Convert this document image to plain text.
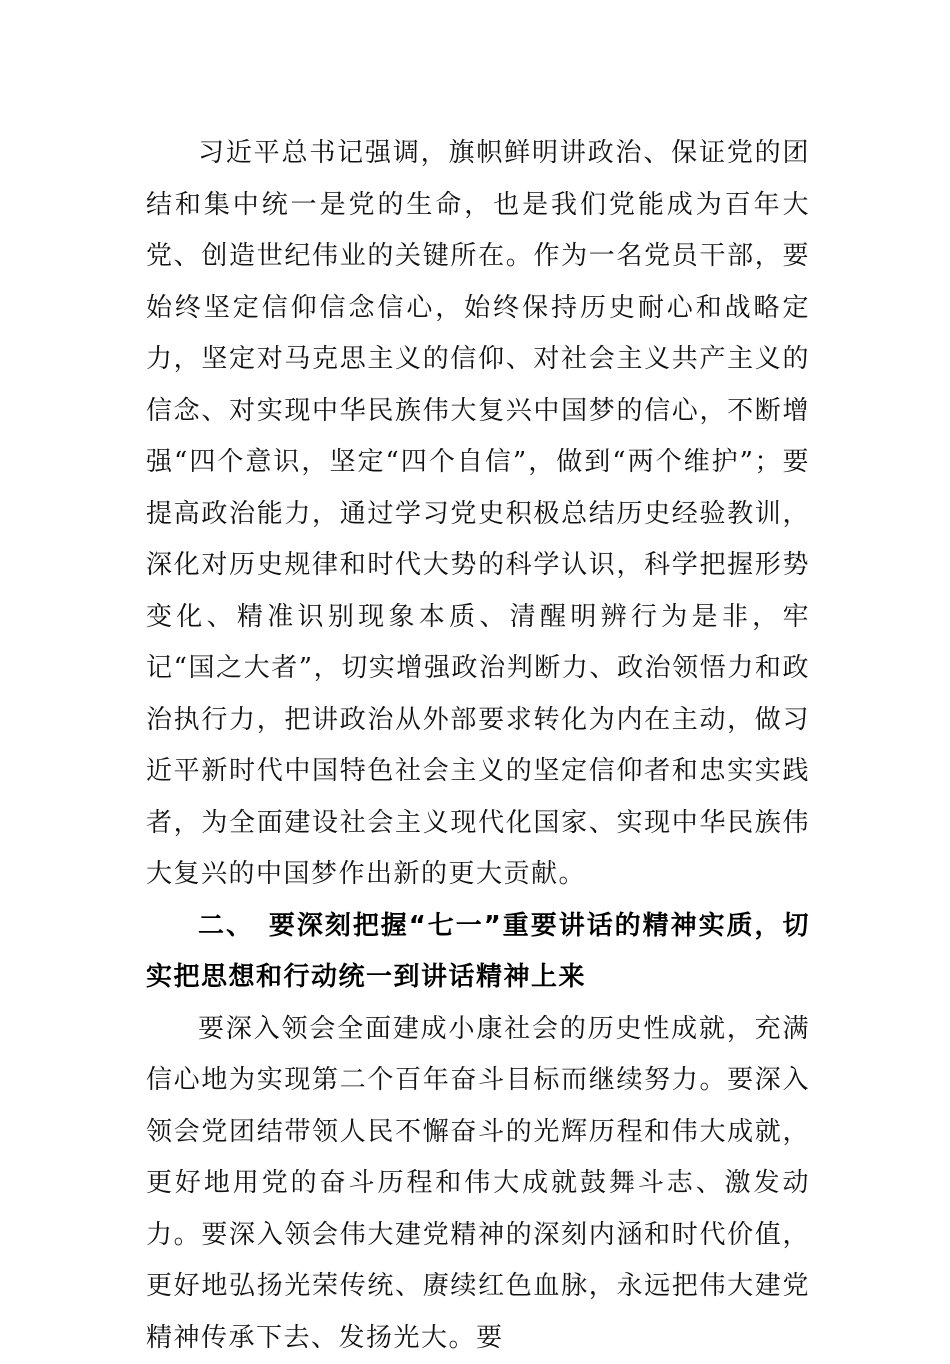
习近平总书记强调，旗帜鲜明讲政治、保证党的团结和集中统一是党的生命，也是我们党能成为百年大党、创造世纪伟业的关键所在。作为一名党员干部，要始终坚定信仰信念信心，始终保持历史耐心和战略定力，坚定对马克思主义的信仰、对社会主义共产主义的信念、对实现中华民族伟大复兴中国梦的信心，不断增强“四个意识，坚定“四个自信”，做到“两个维护”；要提高政治能力，通过学习党史积极总结历史经验教训，深化对历史规律和时代大势的科学认识，科学把握形势变化、精准识别现象本质、清醒明辨行为是非，牢记“国之大者”，切实增强政治判断力、政治领悟力和政治执行力，把讲政治从外部要求转化为内在主动，做习近平新时代中国特色社会主义的坚定信仰者和忠实实践者，为全面建设社会主义现代化国家、实现中华民族伟大复兴的中国梦作出新的更大贡献。

二、　要深刻把握“七一”重要讲话的精神实质，切实把思想和行动统一到讲话精神上来

要深入领会全面建成小康社会的历史性成就，充满信心地为实现第二个百年奋斗目标而继续努力。要深入领会党团结带领人民不懈奋斗的光辉历程和伟大成就，更好地用党的奋斗历程和伟大成就鼓舞斗志、激发动力。要深入领会伟大建党精神的深刻内涵和时代价值，更好地弘扬光荣传统、赓续红色血脉，永远把伟大建党精神传承下去、发扬光大。要
